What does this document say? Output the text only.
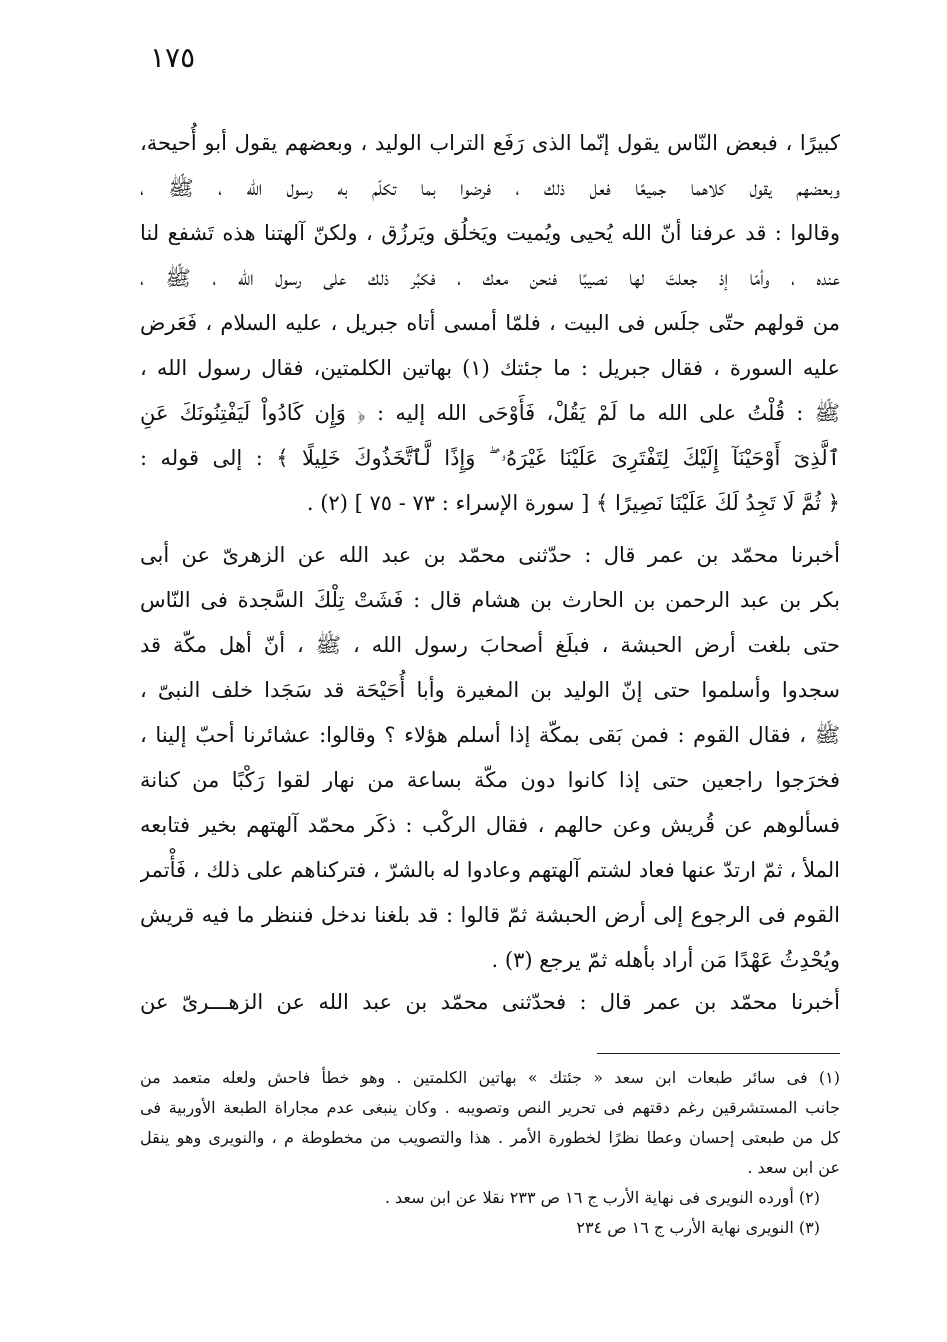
١٧٥
كبيرًا ، فبعض النّاس يقول إنّما الذى رَفَع التراب الوليد ، وبعضهم يقول أبو أُحيحة،
وبعضهم يقول كلاهما جميعًا فعل ذلك ، فرضوا بما تكلّم به رسول الله ، ﷺ ،
وقالوا : قد عرفنا أنّ الله يُحيى ويُميت ويَخلُق ويَرزُق ، ولكنّ آلهتنا هذه تَشفع لنا
عنده ، وأمّا إذ جعلتَ لها نصيبًا فنحن معك ، فكبُر ذلك على رسول الله ، ﷺ ،
من قولهم حتّى جلَس فى البيت ، فلمّا أمسى أتاه جبريل ، عليه السلام ، فَعَرض
عليه السورة ، فقال جبريل : ما جئتك (١) بهاتين الكلمتين، فقال رسول الله ،
ﷺ : قُلْتُ على الله ما لَمْ يَقُلْ، فَأَوْحَى الله إليه : ﴿ وَإِن كَادُواْ لَيَفْتِنُونَكَ عَنِ
ٱلَّذِىٓ أَوْحَيْنَآ إِلَيْكَ لِتَفْتَرِىَ عَلَيْنَا غَيْرَهُۥ ۖ وَإِذًا لَّٱتَّخَذُوكَ خَلِيلًا ﴾ : إلى قوله :
﴿ ثُمَّ لَا تَجِدُ لَكَ عَلَيْنَا نَصِيرًا ﴾ [ سورة الإسراء : ٧٣ - ٧٥ ] (٢) .
أخبرنا محمّد بن عمر قال : حدّثنى محمّد بن عبد الله عن الزهرىّ عن أبى
بكر بن عبد الرحمن بن الحارث بن هشام قال : فَشَتْ تِلْكَ السَّجدة فى النّاس
حتى بلغت أرض الحبشة ، فبلَغ أصحابَ رسول الله ، ﷺ ، أنّ أهل مكّة قد
سجدوا وأسلموا حتى إنّ الوليد بن المغيرة وأبا أُحَيْحَة قد سَجَدا خلف النبىّ ،
ﷺ ، فقال القوم : فمن بَقى بمكّة إذا أسلم هؤلاء ؟ وقالوا: عشائرنا أحبّ إلينا ،
فخرَجوا راجعين حتى إذا كانوا دون مكّة بساعة من نهار لقوا رَكْبًا من كنانة
فسألوهم عن قُريش وعن حالهم ، فقال الركْب : ذكَر محمّد آلهتهم بخير فتابعه
الملأ ، ثمّ ارتدّ عنها فعاد لشتم آلهتهم وعادوا له بالشرّ ، فتركناهم على ذلك ، فَأْتمر
القوم فى الرجوع إلى أرض الحبشة ثمّ قالوا : قد بلغنا ندخل فننظر ما فيه قريش
ويُحْدِثُ عَهْدًا مَن أراد بأهله ثمّ يرجع (٣) .
أخبرنا محمّد بن عمر قال : فحدّثنى محمّد بن عبد الله عن الزهـــرىّ عن
(١) فى سائر طبعات ابن سعد « جئتك » بهاتين الكلمتين . وهو خطأ فاحش ولعله متعمد من
جانب المستشرقين رغم دقتهم فى تحرير النص وتصويبه . وكان ينبغى عدم مجاراة الطبعة الأوربية فى
كل من طبعتى إحسان وعطا نظرًا لخطورة الأمر . هذا والتصويب من مخطوطة م ، والنويرى وهو ينقل
عن ابن سعد .
(٢) أورده النويرى فى نهاية الأرب ج ١٦ ص ٢٣٣ نقلا عن ابن سعد .
(٣) النويرى نهاية الأرب ج ١٦ ص ٢٣٤
